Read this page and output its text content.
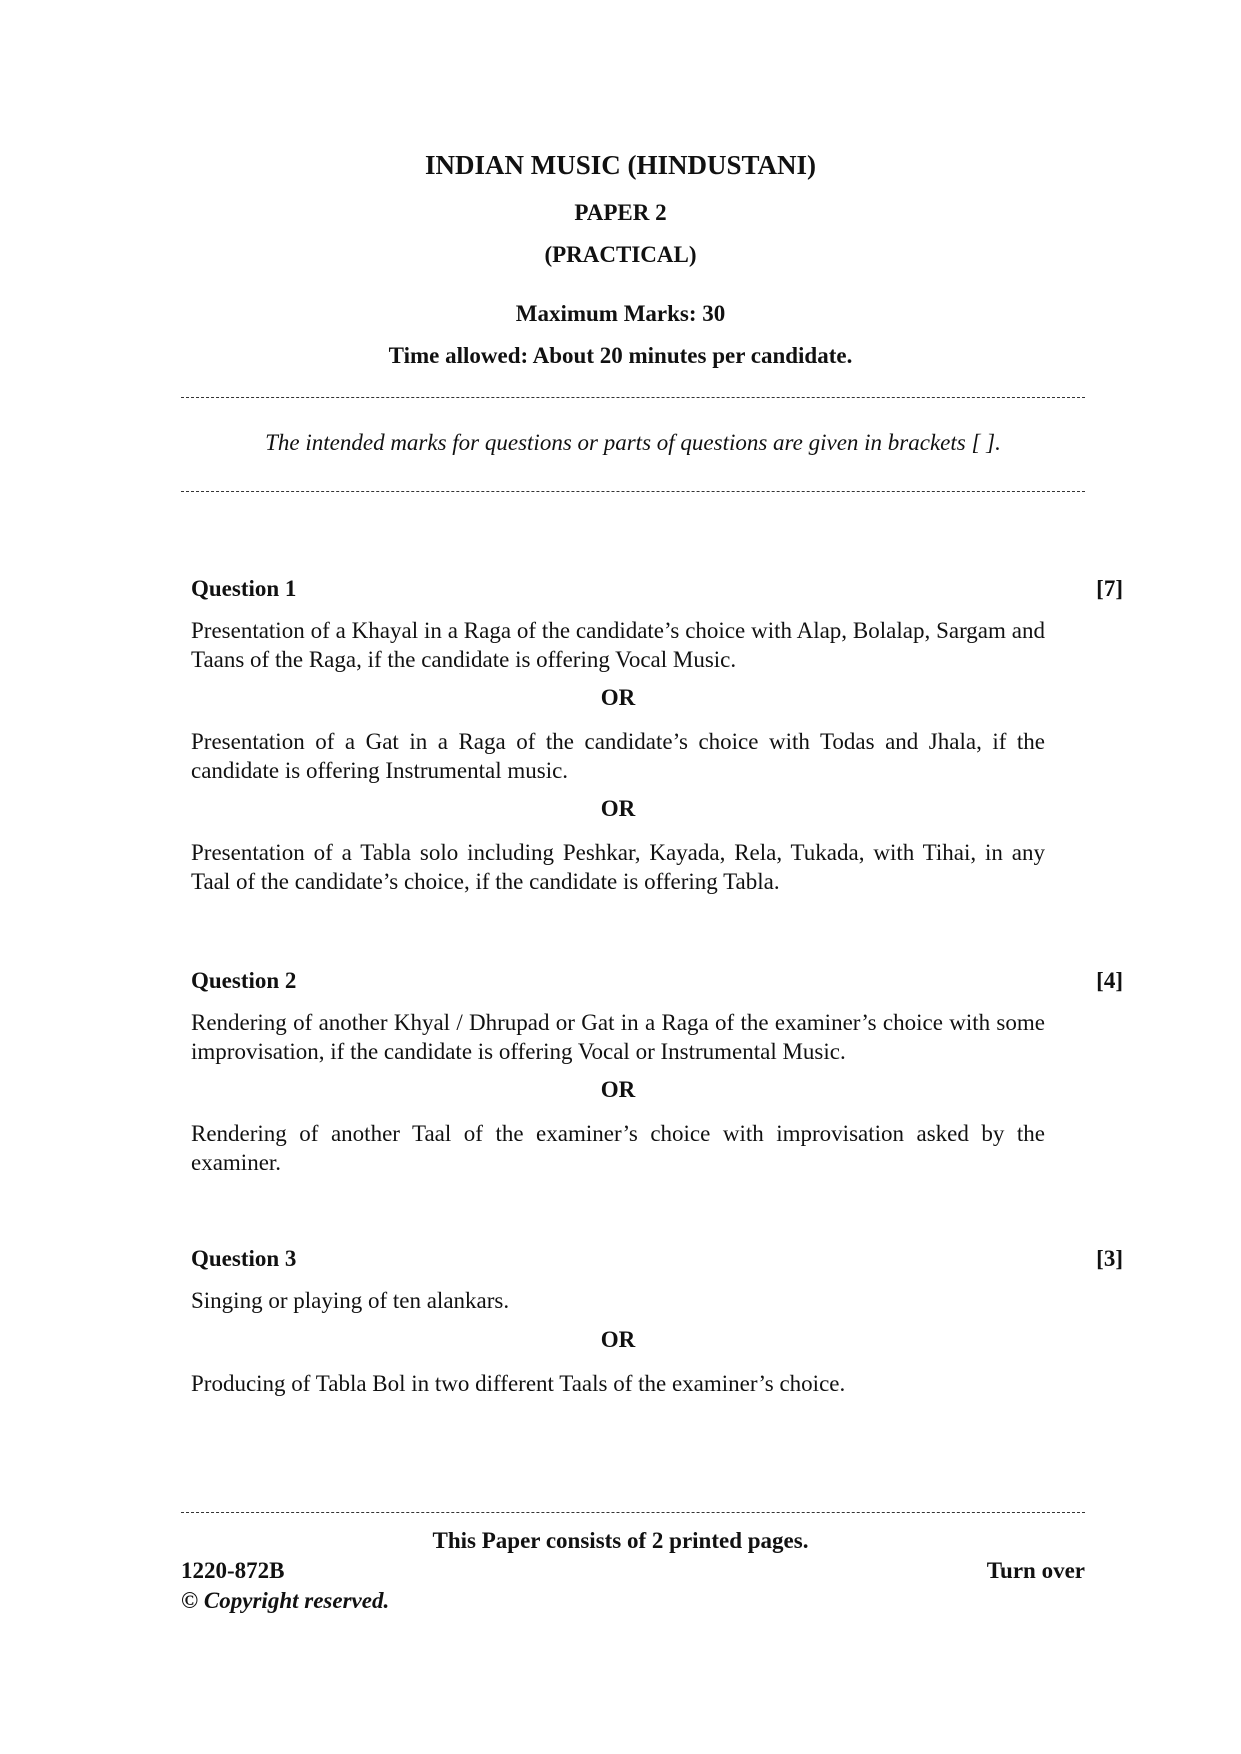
INDIAN MUSIC (HINDUSTANI)
PAPER 2
(PRACTICAL)
Maximum Marks: 30
Time allowed: About 20 minutes per candidate.
The intended marks for questions or parts of questions are given in brackets [ ].
Question 1	[7]
Presentation of a Khayal in a Raga of the candidate’s choice with Alap, Bolalap, Sargam and Taans of the Raga, if the candidate is offering Vocal Music.
OR
Presentation of a Gat in a Raga of the candidate’s choice with Todas and Jhala, if the candidate is offering Instrumental music.
OR
Presentation of a Tabla solo including Peshkar, Kayada, Rela, Tukada, with Tihai, in any Taal of the candidate’s choice, if the candidate is offering Tabla.
Question 2	[4]
Rendering of another Khyal / Dhrupad or Gat in a Raga of the examiner’s choice with some improvisation, if the candidate is offering Vocal or Instrumental Music.
OR
Rendering of another Taal of the examiner’s choice with improvisation asked by the examiner.
Question 3	[3]
Singing or playing of ten alankars.
OR
Producing of Tabla Bol in two different Taals of the examiner’s choice.
This Paper consists of 2 printed pages.
1220-872B	Turn over
© Copyright reserved.
